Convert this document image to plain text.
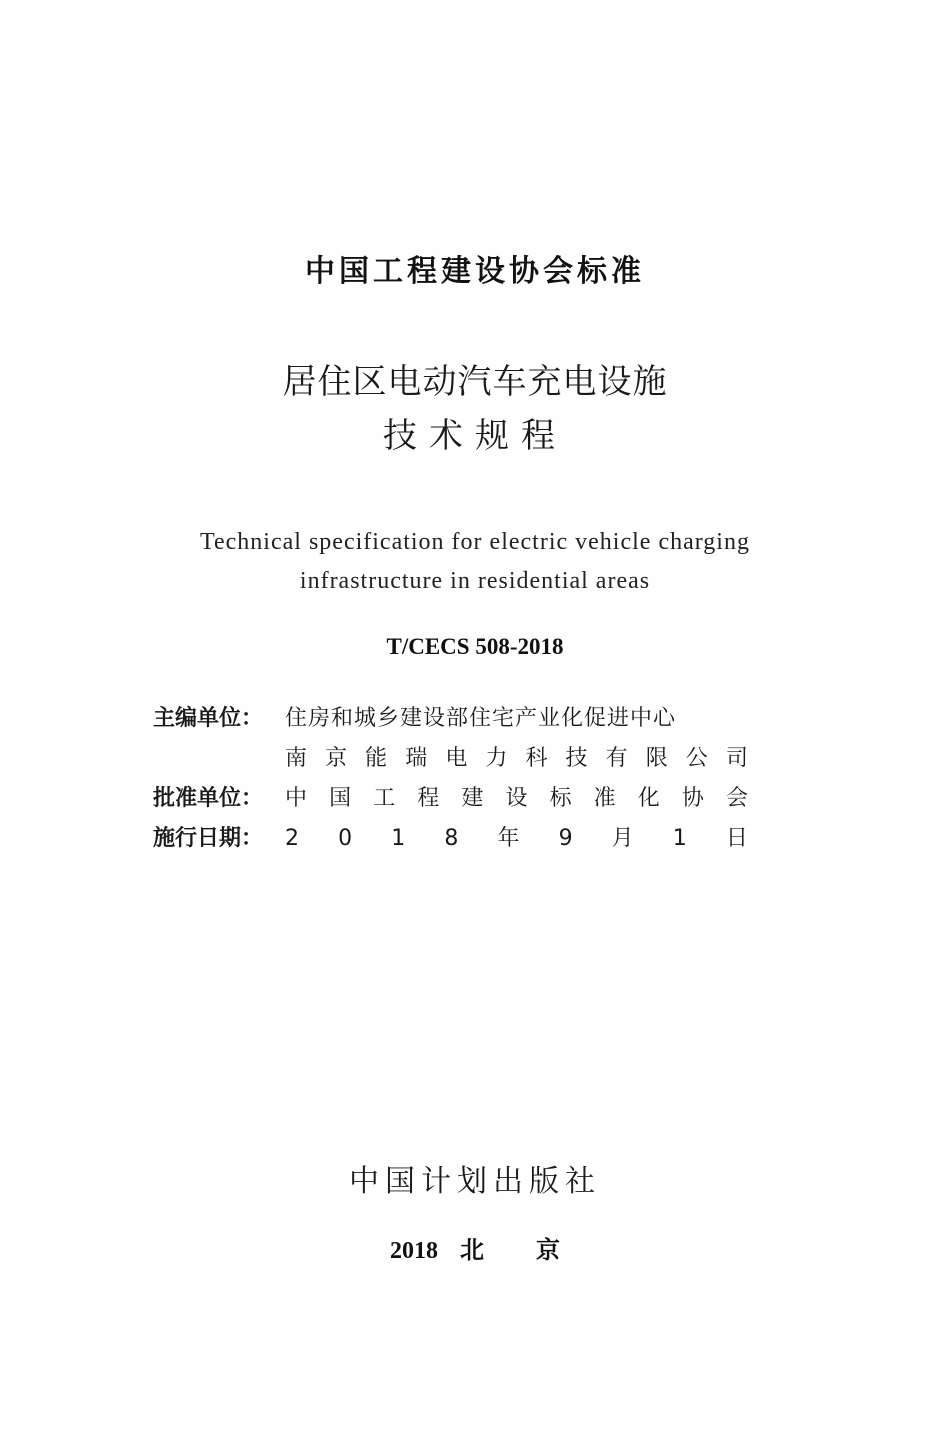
中国工程建设协会标准
居住区电动汽车充电设施
技术规程
Technical specification for electric vehicle charging
infrastructure in residential areas
T/CECS 508-2018
主编单位： 住房和城乡建设部住宅产业化促进中心
南 京 能 瑞 电 力 科 技 有 限 公 司
批准单位： 中 国 工 程 建 设 标 准 化 协 会
施行日期： 2 0 1 8 年 9 月 1 日
中国计划出版社
2018 北 京
